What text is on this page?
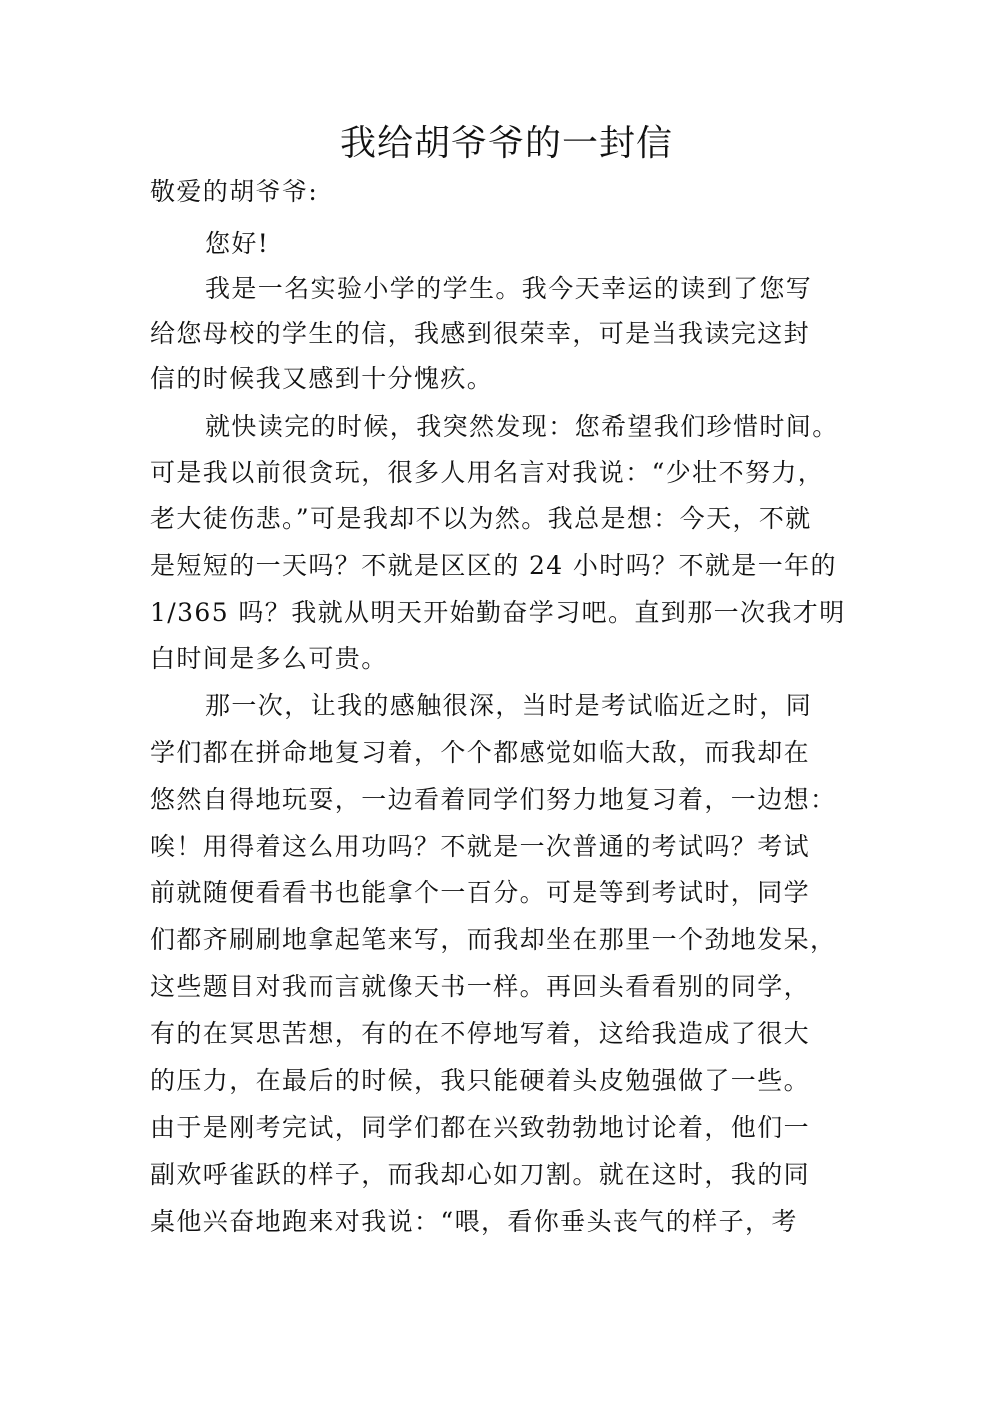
我给胡爷爷的一封信
敬爱的胡爷爷:
您好!
我是一名实验小学的学生。我今天幸运的读到了您写
给您母校的学生的信，我感到很荣幸，可是当我读完这封
信的时候我又感到十分愧疚。
就快读完的时候，我突然发现：您希望我们珍惜时间。
可是我以前很贪玩，很多人用名言对我说：“少壮不努力，
老大徒伤悲。”可是我却不以为然。我总是想：今天，不就
是短短的一天吗？不就是区区的 24 小时吗？不就是一年的
1/365 吗？我就从明天开始勤奋学习吧。直到那一次我才明
白时间是多么可贵。
那一次，让我的感触很深，当时是考试临近之时，同
学们都在拼命地复习着，个个都感觉如临大敌，而我却在
悠然自得地玩耍，一边看着同学们努力地复习着，一边想：
唉！用得着这么用功吗？不就是一次普通的考试吗？考试
前就随便看看书也能拿个一百分。可是等到考试时，同学
们都齐刷刷地拿起笔来写，而我却坐在那里一个劲地发呆，
这些题目对我而言就像天书一样。再回头看看别的同学，
有的在冥思苦想，有的在不停地写着，这给我造成了很大
的压力，在最后的时候，我只能硬着头皮勉强做了一些。
由于是刚考完试，同学们都在兴致勃勃地讨论着，他们一
副欢呼雀跃的样子，而我却心如刀割。就在这时，我的同
桌他兴奋地跑来对我说：“喂，看你垂头丧气的样子，考
